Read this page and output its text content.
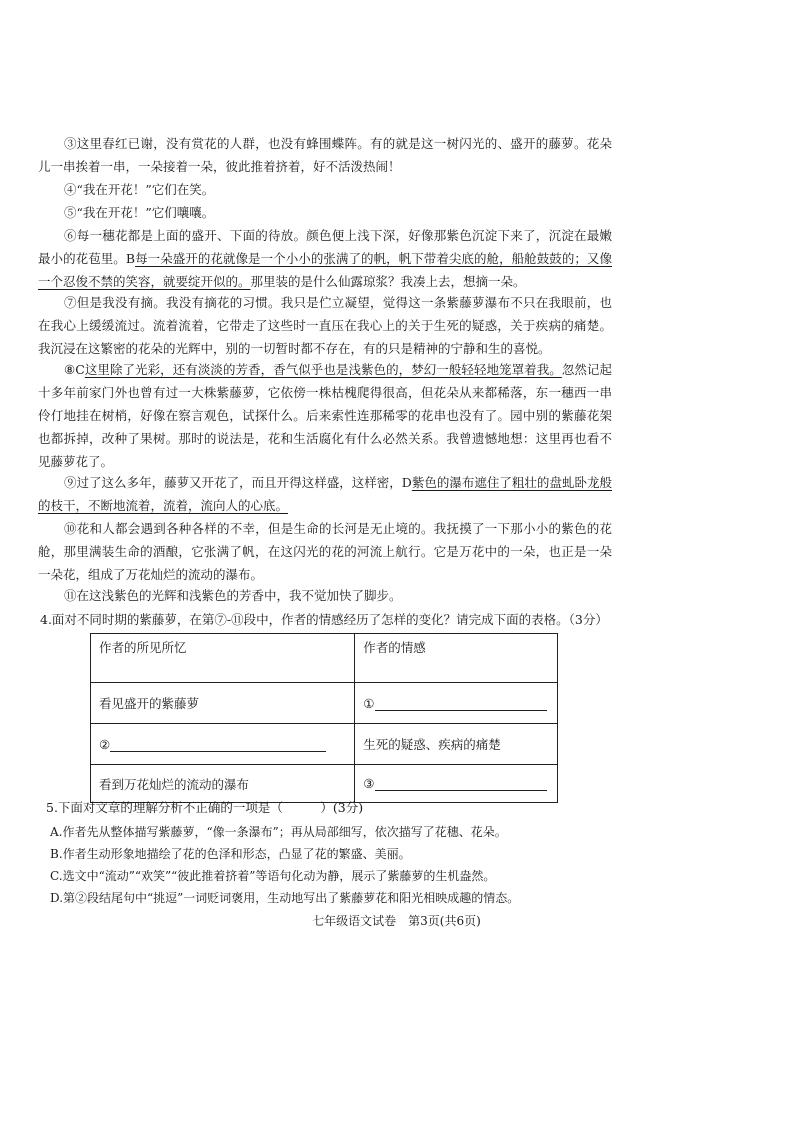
③这里春红已谢，没有赏花的人群，也没有蜂围蝶阵。有的就是这一树闪光的、盛开的藤萝。花朵儿一串挨着一串，一朵接着一朵，彼此推着挤着，好不活泼热闹！

④“我在开花！”它们在笑。

⑤“我在开花！”它们嚷嚷。

⑥每一穗花都是上面的盛开、下面的待放。颜色便上浅下深，好像那紫色沉淀下来了，沉淀在最嫩最小的花苞里。B每一朵盛开的花就像是一个小小的张满了的帆，帆下带着尖底的舱，船舱鼓鼓的；又像一个忍俊不禁的笑容，就要绽开似的。那里装的是什么仙露琼浆？我凑上去，想摘一朵。

⑦但是我没有摘。我没有摘花的习惯。我只是伫立凝望，觉得这一条紫藤萝瀑布不只在我眼前，也在我心上缓缓流过。流着流着，它带走了这些时一直压在我心上的关于生死的疑惑，关于疾病的痛楚。我沉浸在这繁密的花朵的光辉中，别的一切暂时都不存在，有的只是精神的宁静和生的喜悦。

⑧C这里除了光彩，还有淡淡的芳香，香气似乎也是浅紫色的，梦幻一般轻轻地笼罩着我。忽然记起十多年前家门外也曾有过一大株紫藤萝，它依傍一株枯槐爬得很高，但花朵从来都稀落，东一穗西一串伶仃地挂在树梢，好像在察言观色，试探什么。后来索性连那稀零的花串也没有了。园中别的紫藤花架也都拆掉，改种了果树。那时的说法是，花和生活腐化有什么必然关系。我曾遗憾地想：这里再也看不见藤萝花了。

⑨过了这么多年，藤萝又开花了，而且开得这样盛，这样密，D紫色的瀑布遮住了粗壮的盘虬卧龙般的枝干，不断地流着，流着，流向人的心底。

⑩花和人都会遇到各种各样的不幸，但是生命的长河是无止境的。我抚摸了一下那小小的紫色的花舱，那里满装生命的酒酿，它张满了帆，在这闪光的花的河流上航行。它是万花中的一朵，也正是一朵一朵花，组成了万花灿烂的流动的瀑布。

⑪在这浅紫色的光辉和浅紫色的芳香中，我不觉加快了脚步。

4.面对不同时期的紫藤萝，在第⑦-⑪段中，作者的情感经历了怎样的变化？请完成下面的表格。（3分）

作者的所见所忆	作者的情感
看见盛开的紫藤萝	①
②	生死的疑惑、疾病的痛楚
看到万花灿烂的流动的瀑布	③

5.下面对文章的理解分析不正确的一项是（　　　）(3分)

A.作者先从整体描写紫藤萝，“像一条瀑布”；再从局部细写，依次描写了花穗、花朵。

B.作者生动形象地描绘了花的色泽和形态，凸显了花的繁盛、美丽。

C.选文中“流动”“欢笑”“彼此推着挤着”等语句化动为静，展示了紫藤萝的生机盎然。

D.第②段结尾句中“挑逗”一词贬词褒用，生动地写出了紫藤萝花和阳光相映成趣的情态。

七年级语文试卷　第3页(共6页)
